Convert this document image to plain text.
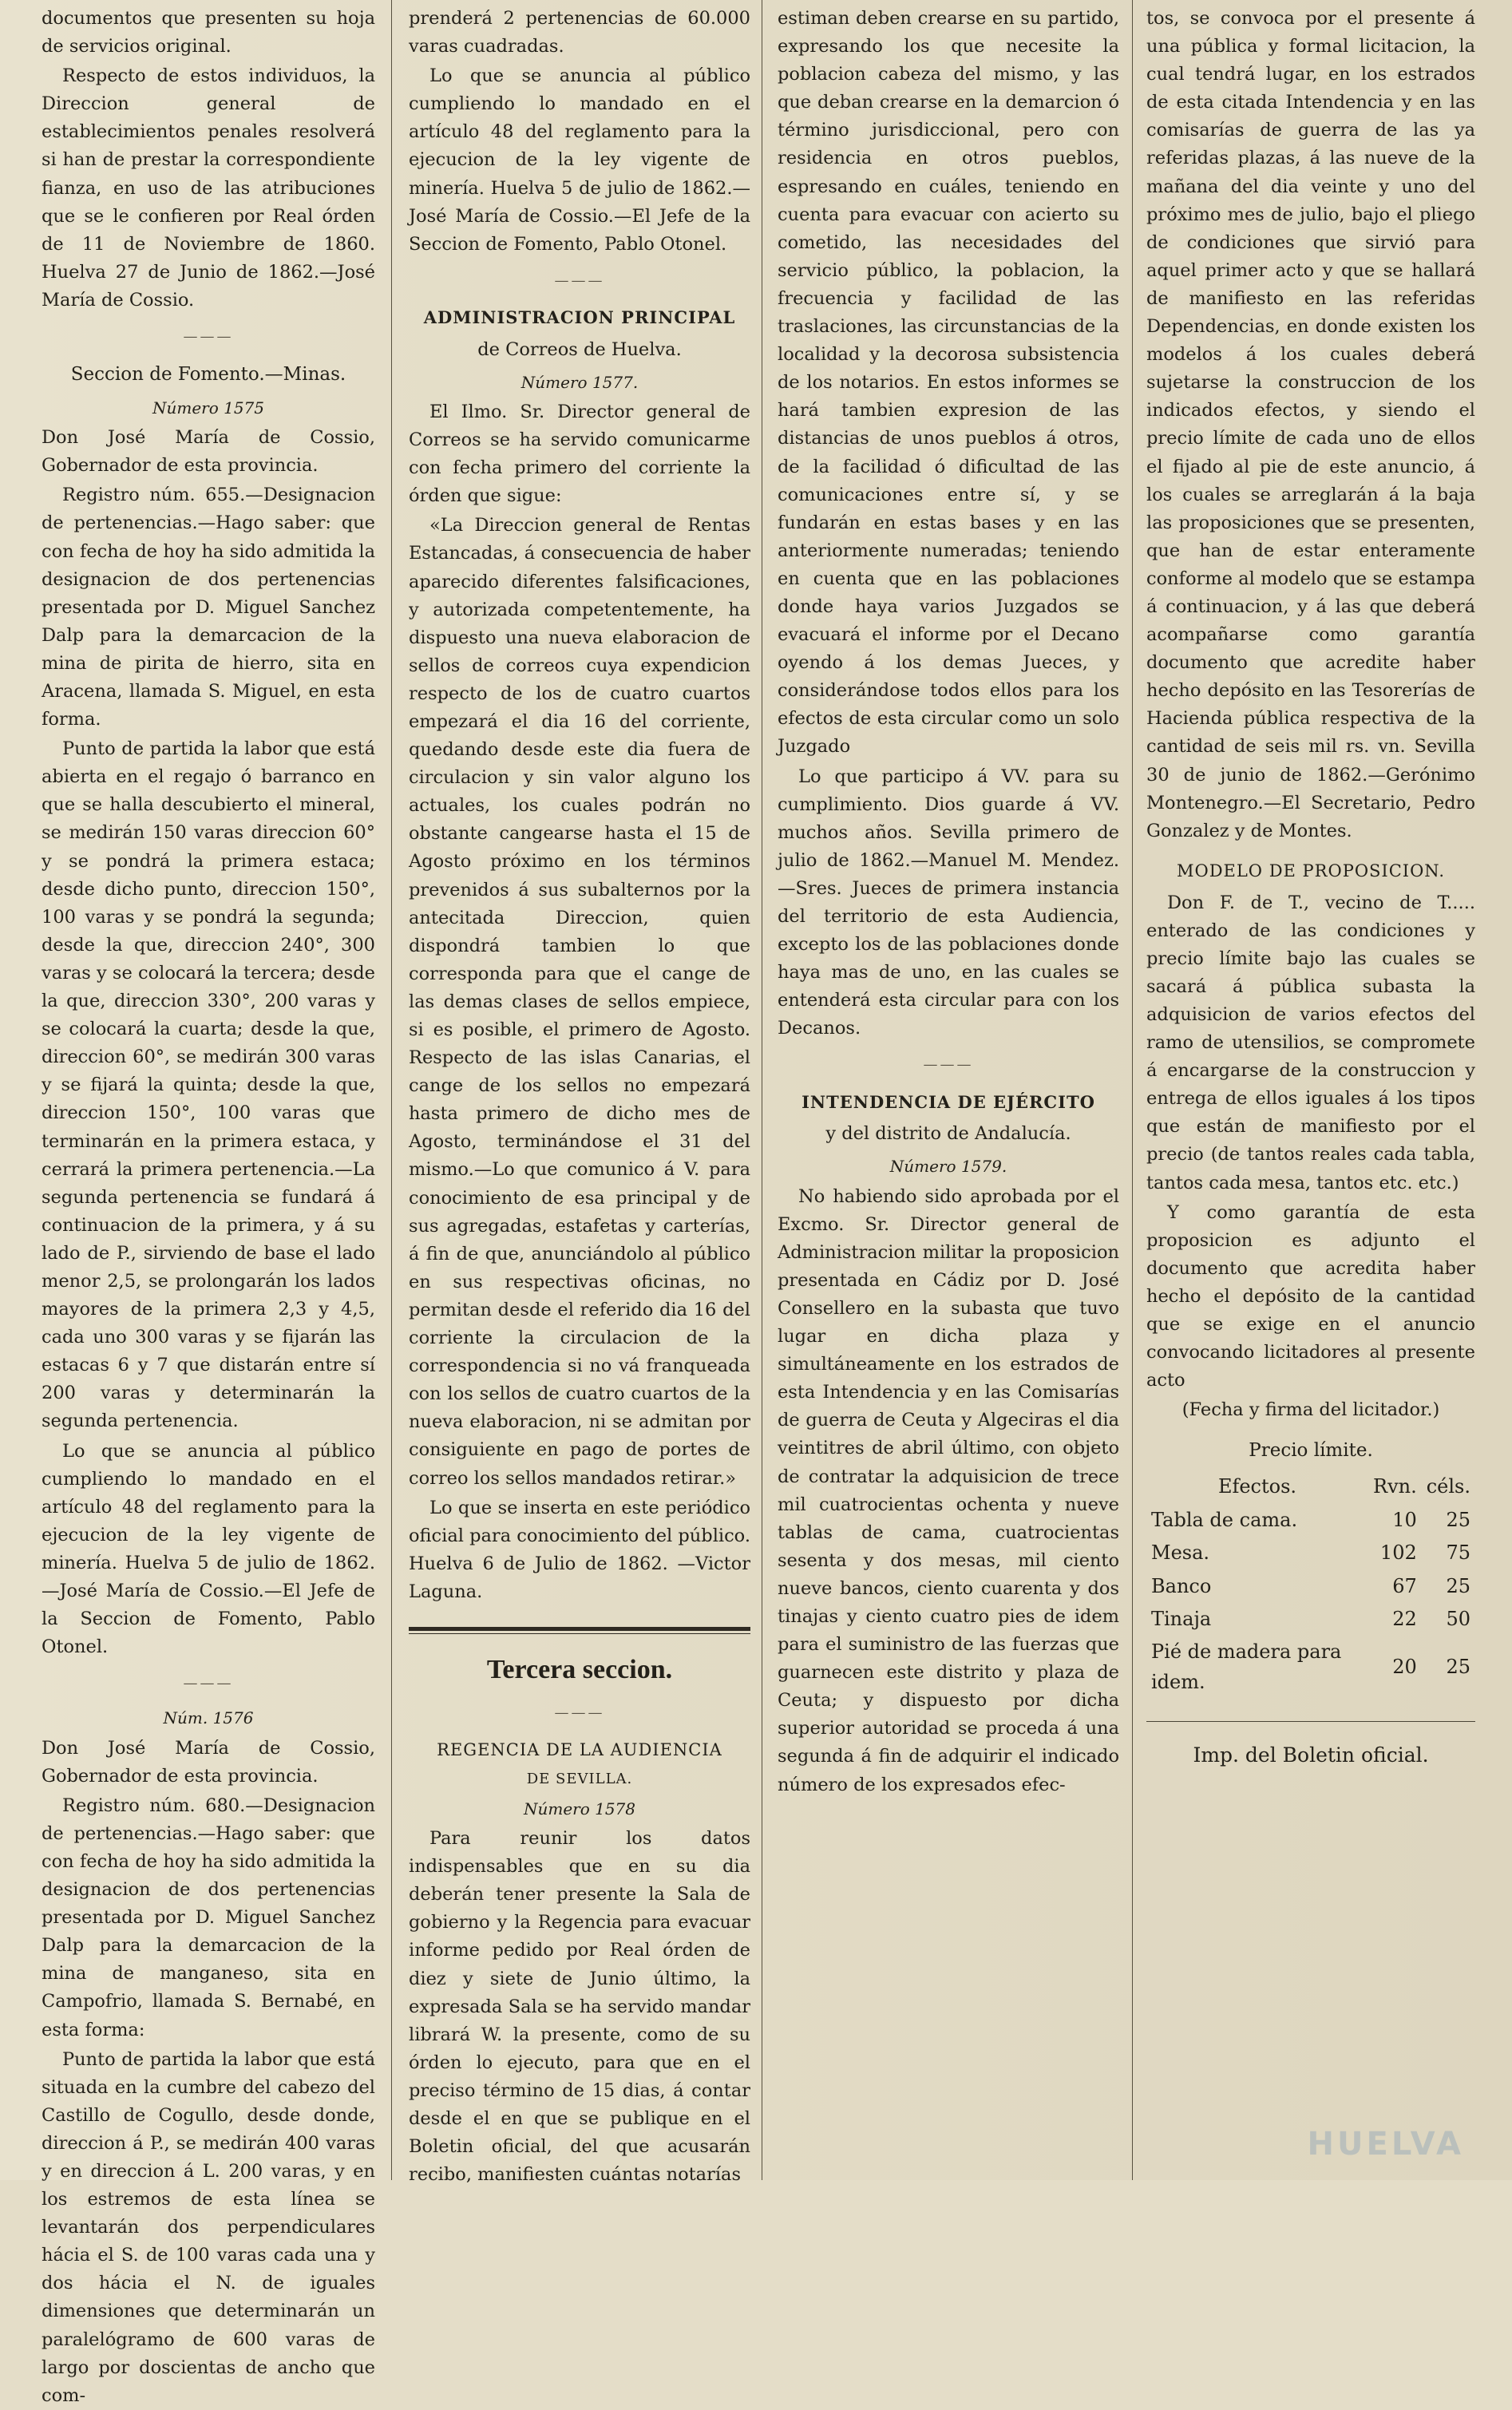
documentos que presenten su hoja de servicios original.

Respecto de estos individuos, la Direccion general de establecimientos penales resolverá si han de prestar la correspondiente fianza, en uso de las atribuciones que se le confieren por Real órden de 11 de Noviembre de 1860. Huelva 27 de Junio de 1862.—José María de Cossio.

———
Seccion de Fomento.—Minas.
Número 1575

Don José María de Cossio, Gobernador de esta provincia.

Registro núm. 655.—Designacion de pertenencias.—Hago saber: que con fecha de hoy ha sido admitida la designacion de dos pertenencias presentada por D. Miguel Sanchez Dalp para la demarcacion de la mina de pirita de hierro, sita en Aracena, llamada S. Miguel, en esta forma.

Punto de partida la labor que está abierta en el regajo ó barranco en que se halla descubierto el mineral, se medirán 150 varas direccion 60° y se pondrá la primera estaca; desde dicho punto, direccion 150°, 100 varas y se pondrá la segunda; desde la que, direccion 240°, 300 varas y se colocará la tercera; desde la que, direccion 330°, 200 varas y se colocará la cuarta; desde la que, direccion 60°, se medirán 300 varas y se fijará la quinta; desde la que, direccion 150°, 100 varas que terminarán en la primera estaca, y cerrará la primera pertenencia.—La segunda pertenencia se fundará á continuacion de la primera, y á su lado de P., sirviendo de base el lado menor 2,5, se prolongarán los lados mayores de la primera 2,3 y 4,5, cada uno 300 varas y se fijarán las estacas 6 y 7 que distarán entre sí 200 varas y determinarán la segunda pertenencia.

Lo que se anuncia al público cumpliendo lo mandado en el artículo 48 del reglamento para la ejecucion de la ley vigente de minería. Huelva 5 de julio de 1862.—José María de Cossio.—El Jefe de la Seccion de Fomento, Pablo Otonel.

———
Núm. 1576

Don José María de Cossio, Gobernador de esta provincia.

Registro núm. 680.—Designacion de pertenencias.—Hago saber: que con fecha de hoy ha sido admitida la designacion de dos pertenencias presentada por D. Miguel Sanchez Dalp para la demarcacion de la mina de manganeso, sita en Campofrio, llamada S. Bernabé, en esta forma:

Punto de partida la labor que está situada en la cumbre del cabezo del Castillo de Cogullo, desde donde, direccion á P., se medirán 400 varas y en direccion á L. 200 varas, y en los estremos de esta línea se levantarán dos perpendiculares hácia el S. de 100 varas cada una y dos hácia el N. de iguales dimensiones que determinarán un paralelógramo de 600 varas de largo por doscientas de ancho que com-

prenderá 2 pertenencias de 60.000 varas cuadradas.

Lo que se anuncia al público cumpliendo lo mandado en el artículo 48 del reglamento para la ejecucion de la ley vigente de minería. Huelva 5 de julio de 1862.—José María de Cossio.—El Jefe de la Seccion de Fomento, Pablo Otonel.

———
ADMINISTRACION PRINCIPAL
de Correos de Huelva.
Número 1577.

El Ilmo. Sr. Director general de Correos se ha servido comunicarme con fecha primero del corriente la órden que sigue:

«La Direccion general de Rentas Estancadas, á consecuencia de haber aparecido diferentes falsificaciones, y autorizada competentemente, ha dispuesto una nueva elaboracion de sellos de correos cuya expendicion respecto de los de cuatro cuartos empezará el dia 16 del corriente, quedando desde este dia fuera de circulacion y sin valor alguno los actuales, los cuales podrán no obstante cangearse hasta el 15 de Agosto próximo en los términos prevenidos á sus subalternos por la antecitada Direccion, quien dispondrá tambien lo que corresponda para que el cange de las demas clases de sellos empiece, si es posible, el primero de Agosto. Respecto de las islas Canarias, el cange de los sellos no empezará hasta primero de dicho mes de Agosto, terminándose el 31 del mismo.—Lo que comunico á V. para conocimiento de esa principal y de sus agregadas, estafetas y carterías, á fin de que, anunciándolo al público en sus respectivas oficinas, no permitan desde el referido dia 16 del corriente la circulacion de la correspondencia si no vá franqueada con los sellos de cuatro cuartos de la nueva elaboracion, ni se admitan por consiguiente en pago de portes de correo los sellos mandados retirar.»

Lo que se inserta en este periódico oficial para conocimiento del público. Huelva 6 de Julio de 1862. —Victor Laguna.

Tercera seccion.
———
REGENCIA DE LA AUDIENCIA
DE SEVILLA.
Número 1578

Para reunir los datos indispensables que en su dia deberán tener presente la Sala de gobierno y la Regencia para evacuar informe pedido por Real órden de diez y siete de Junio último, la expresada Sala se ha servido mandar librará W. la presente, como de su órden lo ejecuto, para que en el preciso término de 15 dias, á contar desde el en que se publique en el Boletin oficial, del que acusarán recibo, manifiesten cuántas notarías

estiman deben crearse en su partido, expresando los que necesite la poblacion cabeza del mismo, y las que deban crearse en la demarcion ó término jurisdiccional, pero con residencia en otros pueblos, espresando en cuáles, teniendo en cuenta para evacuar con acierto su cometido, las necesidades del servicio público, la poblacion, la frecuencia y facilidad de las traslaciones, las circunstancias de la localidad y la decorosa subsistencia de los notarios. En estos informes se hará tambien expresion de las distancias de unos pueblos á otros, de la facilidad ó dificultad de las comunicaciones entre sí, y se fundarán en estas bases y en las anteriormente numeradas; teniendo en cuenta que en las poblaciones donde haya varios Juzgados se evacuará el informe por el Decano oyendo á los demas Jueces, y considerándose todos ellos para los efectos de esta circular como un solo Juzgado

Lo que participo á VV. para su cumplimiento. Dios guarde á VV. muchos años. Sevilla primero de julio de 1862.—Manuel M. Mendez.—Sres. Jueces de primera instancia del territorio de esta Audiencia, excepto los de las poblaciones donde haya mas de uno, en las cuales se entenderá esta circular para con los Decanos.

———
INTENDENCIA DE EJÉRCITO
y del distrito de Andalucía.
Número 1579.

No habiendo sido aprobada por el Excmo. Sr. Director general de Administracion militar la proposicion presentada en Cádiz por D. José Consellero en la subasta que tuvo lugar en dicha plaza y simultáneamente en los estrados de esta Intendencia y en las Comisarías de guerra de Ceuta y Algeciras el dia veintitres de abril último, con objeto de contratar la adquisicion de trece mil cuatrocientas ochenta y nueve tablas de cama, cuatrocientas sesenta y dos mesas, mil ciento nueve bancos, ciento cuarenta y dos tinajas y ciento cuatro pies de idem para el suministro de las fuerzas que guarnecen este distrito y plaza de Ceuta; y dispuesto por dicha superior autoridad se proceda á una segunda á fin de adquirir el indicado número de los expresados efec-

tos, se convoca por el presente á una pública y formal licitacion, la cual tendrá lugar, en los estrados de esta citada Intendencia y en las comisarías de guerra de las ya referidas plazas, á las nueve de la mañana del dia veinte y uno del próximo mes de julio, bajo el pliego de condiciones que sirvió para aquel primer acto y que se hallará de manifiesto en las referidas Dependencias, en donde existen los modelos á los cuales deberá sujetarse la construccion de los indicados efectos, y siendo el precio límite de cada uno de ellos el fijado al pie de este anuncio, á los cuales se arreglarán á la baja las proposiciones que se presenten, que han de estar enteramente conforme al modelo que se estampa á continuacion, y á las que deberá acompañarse como garantía documento que acredite haber hecho depósito en las Tesorerías de Hacienda pública respectiva de la cantidad de seis mil rs. vn. Sevilla 30 de junio de 1862.—Gerónimo Montenegro.—El Secretario, Pedro Gonzalez y de Montes.

MODELO DE PROPOSICION.

Don F. de T., vecino de T..... enterado de las condiciones y precio límite bajo las cuales se sacará á pública subasta la adquisicion de varios efectos del ramo de utensilios, se compromete á encargarse de la construccion y entrega de ellos iguales á los tipos que están de manifiesto por el precio (de tantos reales cada tabla, tantos cada mesa, tantos etc. etc.)

Y como garantía de esta proposicion es adjunto el documento que acredita haber hecho el depósito de la cantidad que se exige en el anuncio convocando licitadores al presente acto

(Fecha y firma del licitador.)

Precio límite.
Efectos.	Rvn.	céls.
Tabla de cama.	10	25
Mesa.	102	75
Banco	67	25
Tinaja	22	50
Pié de madera para idem.	20	25
Imp. del Boletin oficial.
HUELVA
